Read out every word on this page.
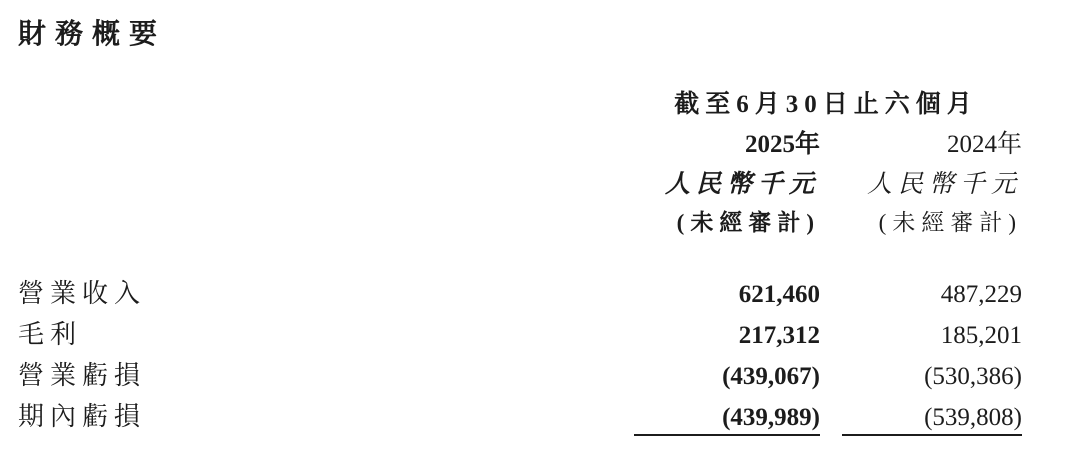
財務概要
截至6月30日止六個月
2025年	2024年
人民幣千元	人民幣千元
(未經審計)	(未經審計)
營業收入	621,460	487,229
毛利	217,312	185,201
營業虧損	(439,067)	(530,386)
期內虧損	(439,989)	(539,808)
